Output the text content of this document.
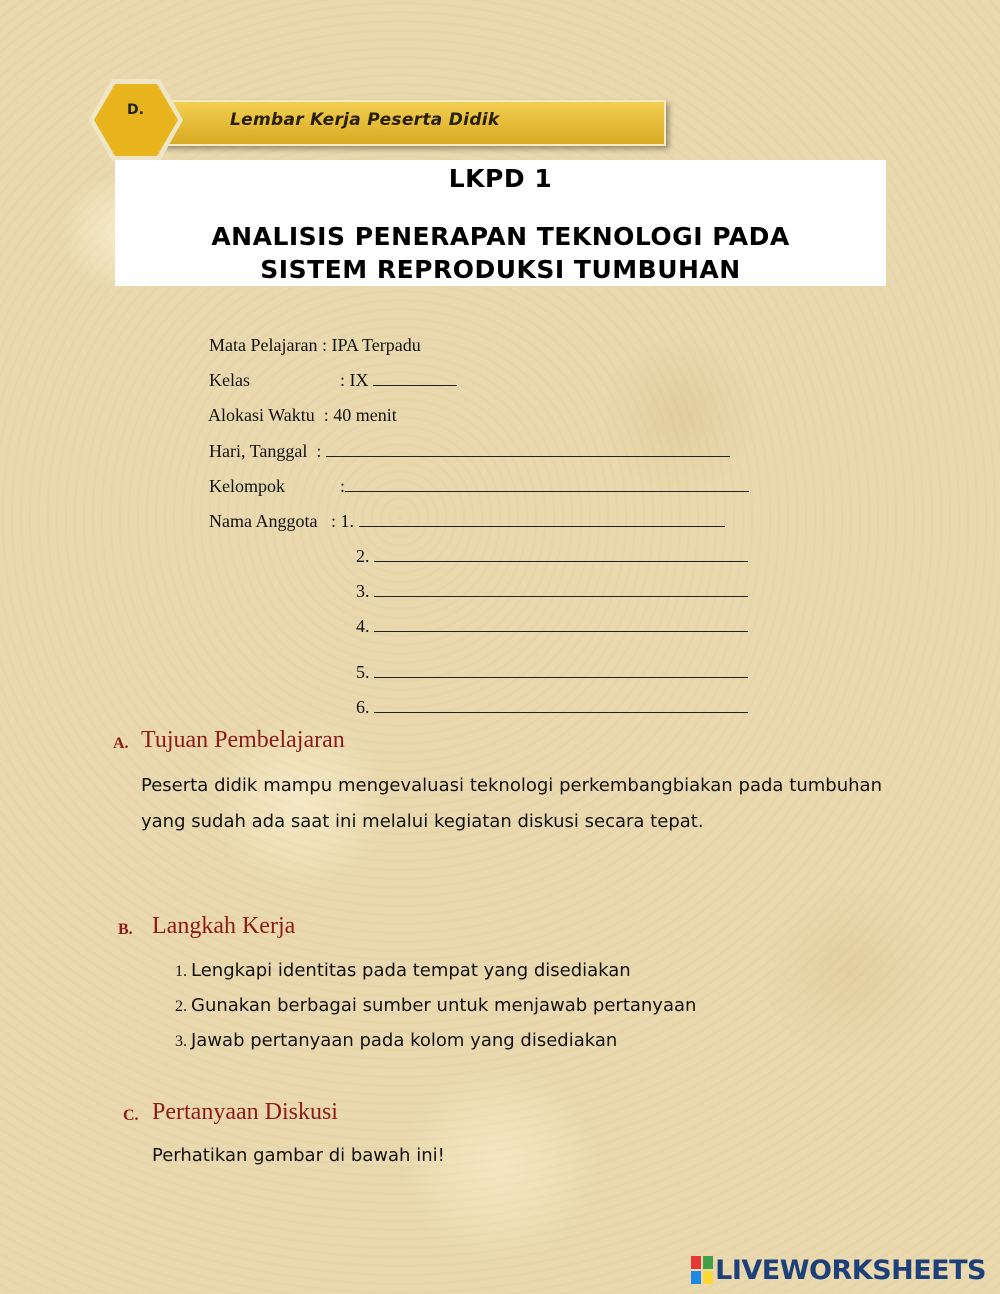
Lembar Kerja Peserta Didik
D.
LKPD 1
ANALISIS PENERAPAN TEKNOLOGI PADA
SISTEM REPRODUKSI TUMBUHAN

Mata Pelajaran : IPA Terpadu

Kelas	: IX

Alokasi Waktu  : 40 menit

Hari, Tanggal  :

Kelompok	:

Nama Anggota   : 1.

2.

3.

4.

5.

6.

A. Tujuan Pembelajaran
Peserta didik mampu mengevaluasi teknologi perkembangbiakan pada tumbuhan yang sudah ada saat ini melalui kegiatan diskusi secara tepat.
B. Langkah Kerja
1. Lengkapi identitas pada tempat yang disediakan
2. Gunakan berbagai sumber untuk menjawab pertanyaan
3. Jawab pertanyaan pada kolom yang disediakan
C. Pertanyaan Diskusi
Perhatikan gambar di bawah ini!
LIVEWORKSHEETS
